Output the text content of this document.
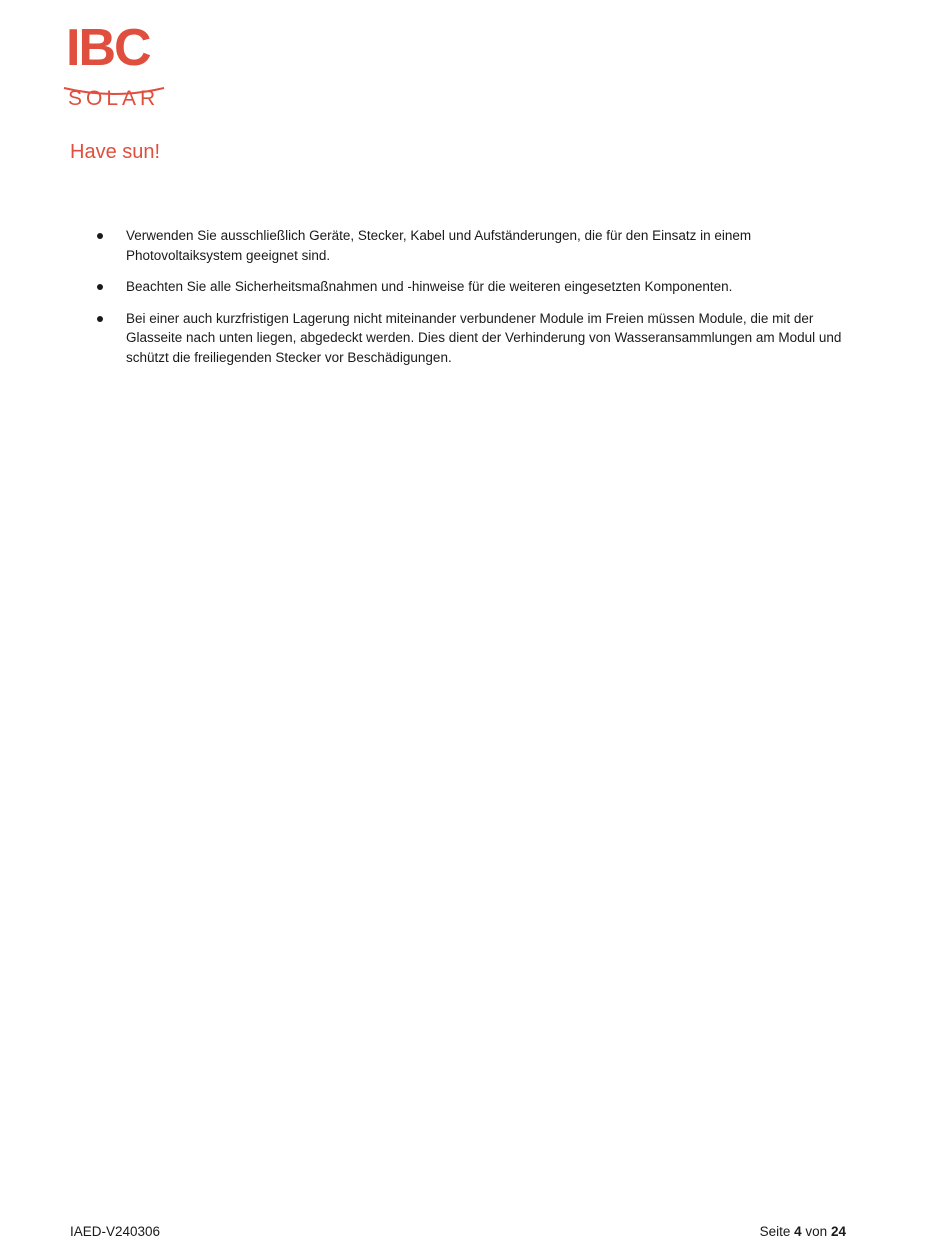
IBC
SOLAR
Have sun!
Verwenden Sie ausschließlich Geräte, Stecker, Kabel und Aufständerungen, die für den Einsatz in einem Photovoltaiksystem geeignet sind.
Beachten Sie alle Sicherheitsmaßnahmen und -hinweise für die weiteren eingesetzten Komponenten.
Bei einer auch kurzfristigen Lagerung nicht miteinander verbundener Module im Freien müssen Module, die mit der Glasseite nach unten liegen, abgedeckt werden. Dies dient der Verhinderung von Wasseransammlungen am Modul und schützt die freiliegenden Stecker vor Beschädigungen.
IAED-V240306	Seite 4 von 24
